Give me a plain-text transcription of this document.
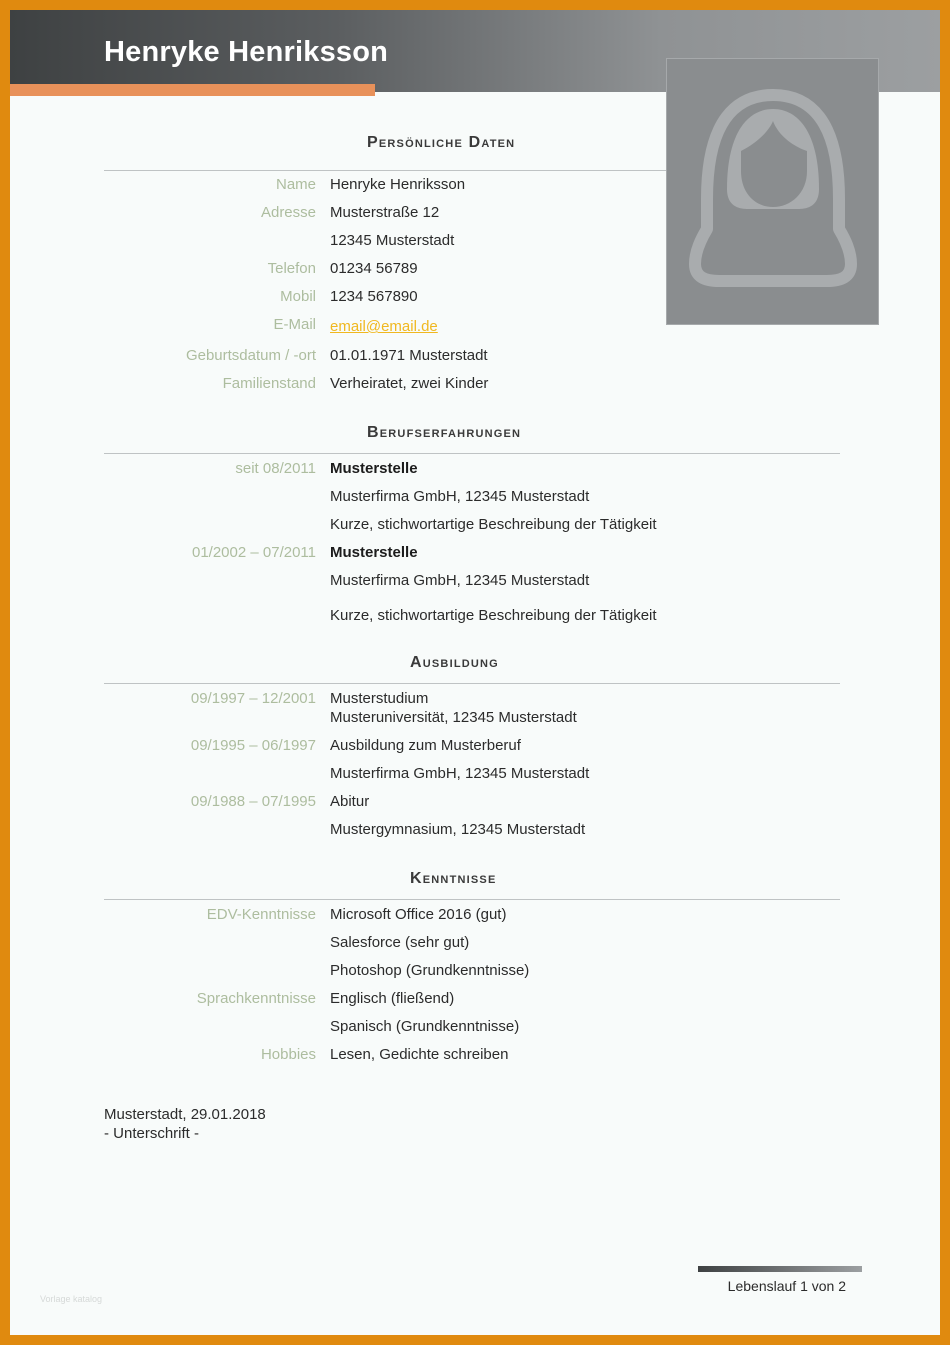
Henryke Henriksson
Persönliche Daten
Name Henryke Henriksson
Adresse Musterstraße 12
12345 Musterstadt
Telefon 01234 56789
Mobil 1234 567890
E-Mail email@email.de
Geburtsdatum / -ort 01.01.1971 Musterstadt
Familienstand Verheiratet, zwei Kinder
Berufserfahrungen
seit 08/2011 Musterstelle
Musterfirma GmbH, 12345 Musterstadt
Kurze, stichwortartige Beschreibung der Tätigkeit
01/2002 – 07/2011 Musterstelle
Musterfirma GmbH, 12345 Musterstadt
Kurze, stichwortartige Beschreibung der Tätigkeit
Ausbildung
09/1997 – 12/2001 Musterstudium
Musteruniversität, 12345 Musterstadt
09/1995 – 06/1997 Ausbildung zum Musterberuf
Musterfirma GmbH, 12345 Musterstadt
09/1988 – 07/1995 Abitur
Mustergymnasium, 12345 Musterstadt
Kenntnisse
EDV-Kenntnisse Microsoft Office 2016 (gut)
Salesforce (sehr gut)
Photoshop (Grundkenntnisse)
Sprachkenntnisse Englisch (fließend)
Spanisch (Grundkenntnisse)
Hobbies Lesen, Gedichte schreiben
Musterstadt, 29.01.2018
- Unterschrift -
Lebenslauf 1 von 2
Vorlage katalog
